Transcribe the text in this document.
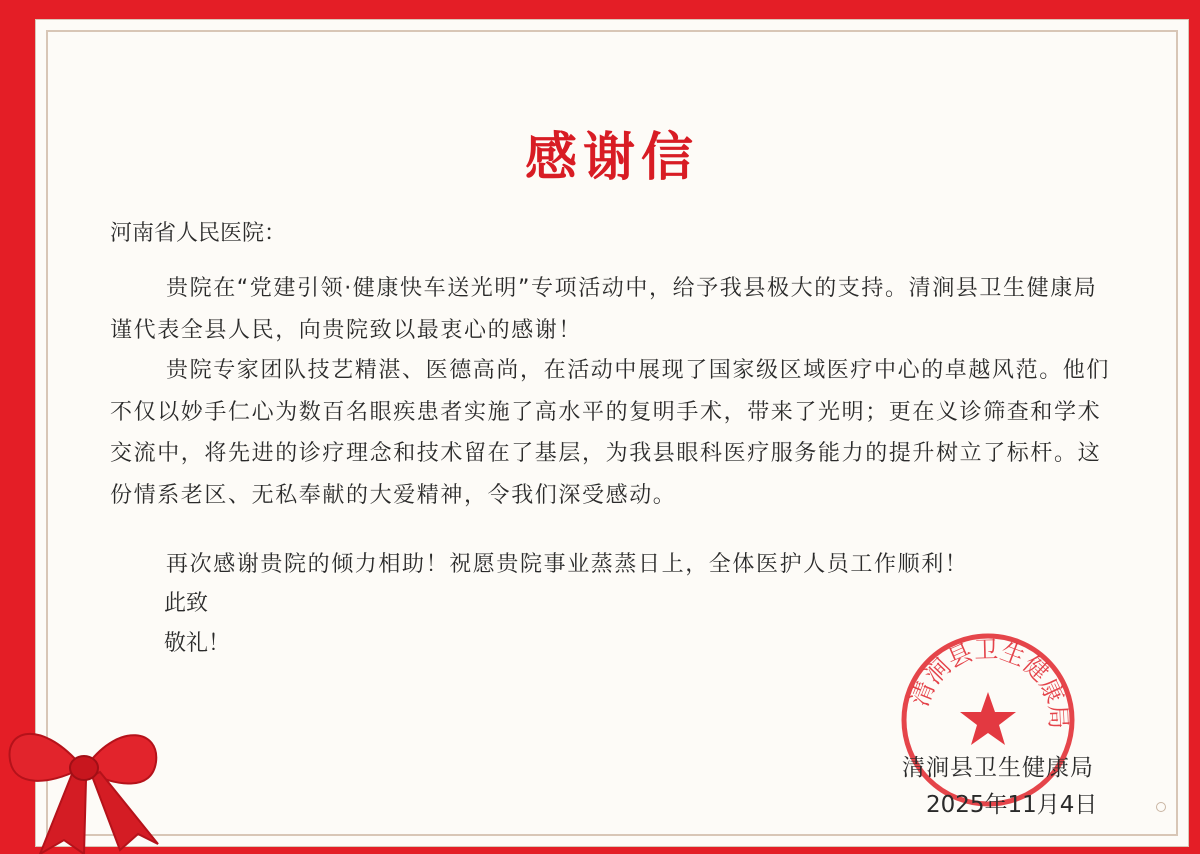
感谢信
河南省人民医院：
贵院在“党建引领·健康快车送光明”专项活动中，给予我县极大的支持。清涧县卫生健康局谨代表全县人民，向贵院致以最衷心的感谢！
贵院专家团队技艺精湛、医德高尚，在活动中展现了国家级区域医疗中心的卓越风范。他们不仅以妙手仁心为数百名眼疾患者实施了高水平的复明手术，带来了光明；更在义诊筛查和学术交流中，将先进的诊疗理念和技术留在了基层，为我县眼科医疗服务能力的提升树立了标杆。这份情系老区、无私奉献的大爱精神，令我们深受感动。
再次感谢贵院的倾力相助！祝愿贵院事业蒸蒸日上，全体医护人员工作顺利！
此致
敬礼！
清涧县卫生健康局
清涧县卫生健康局
2025年11月4日
